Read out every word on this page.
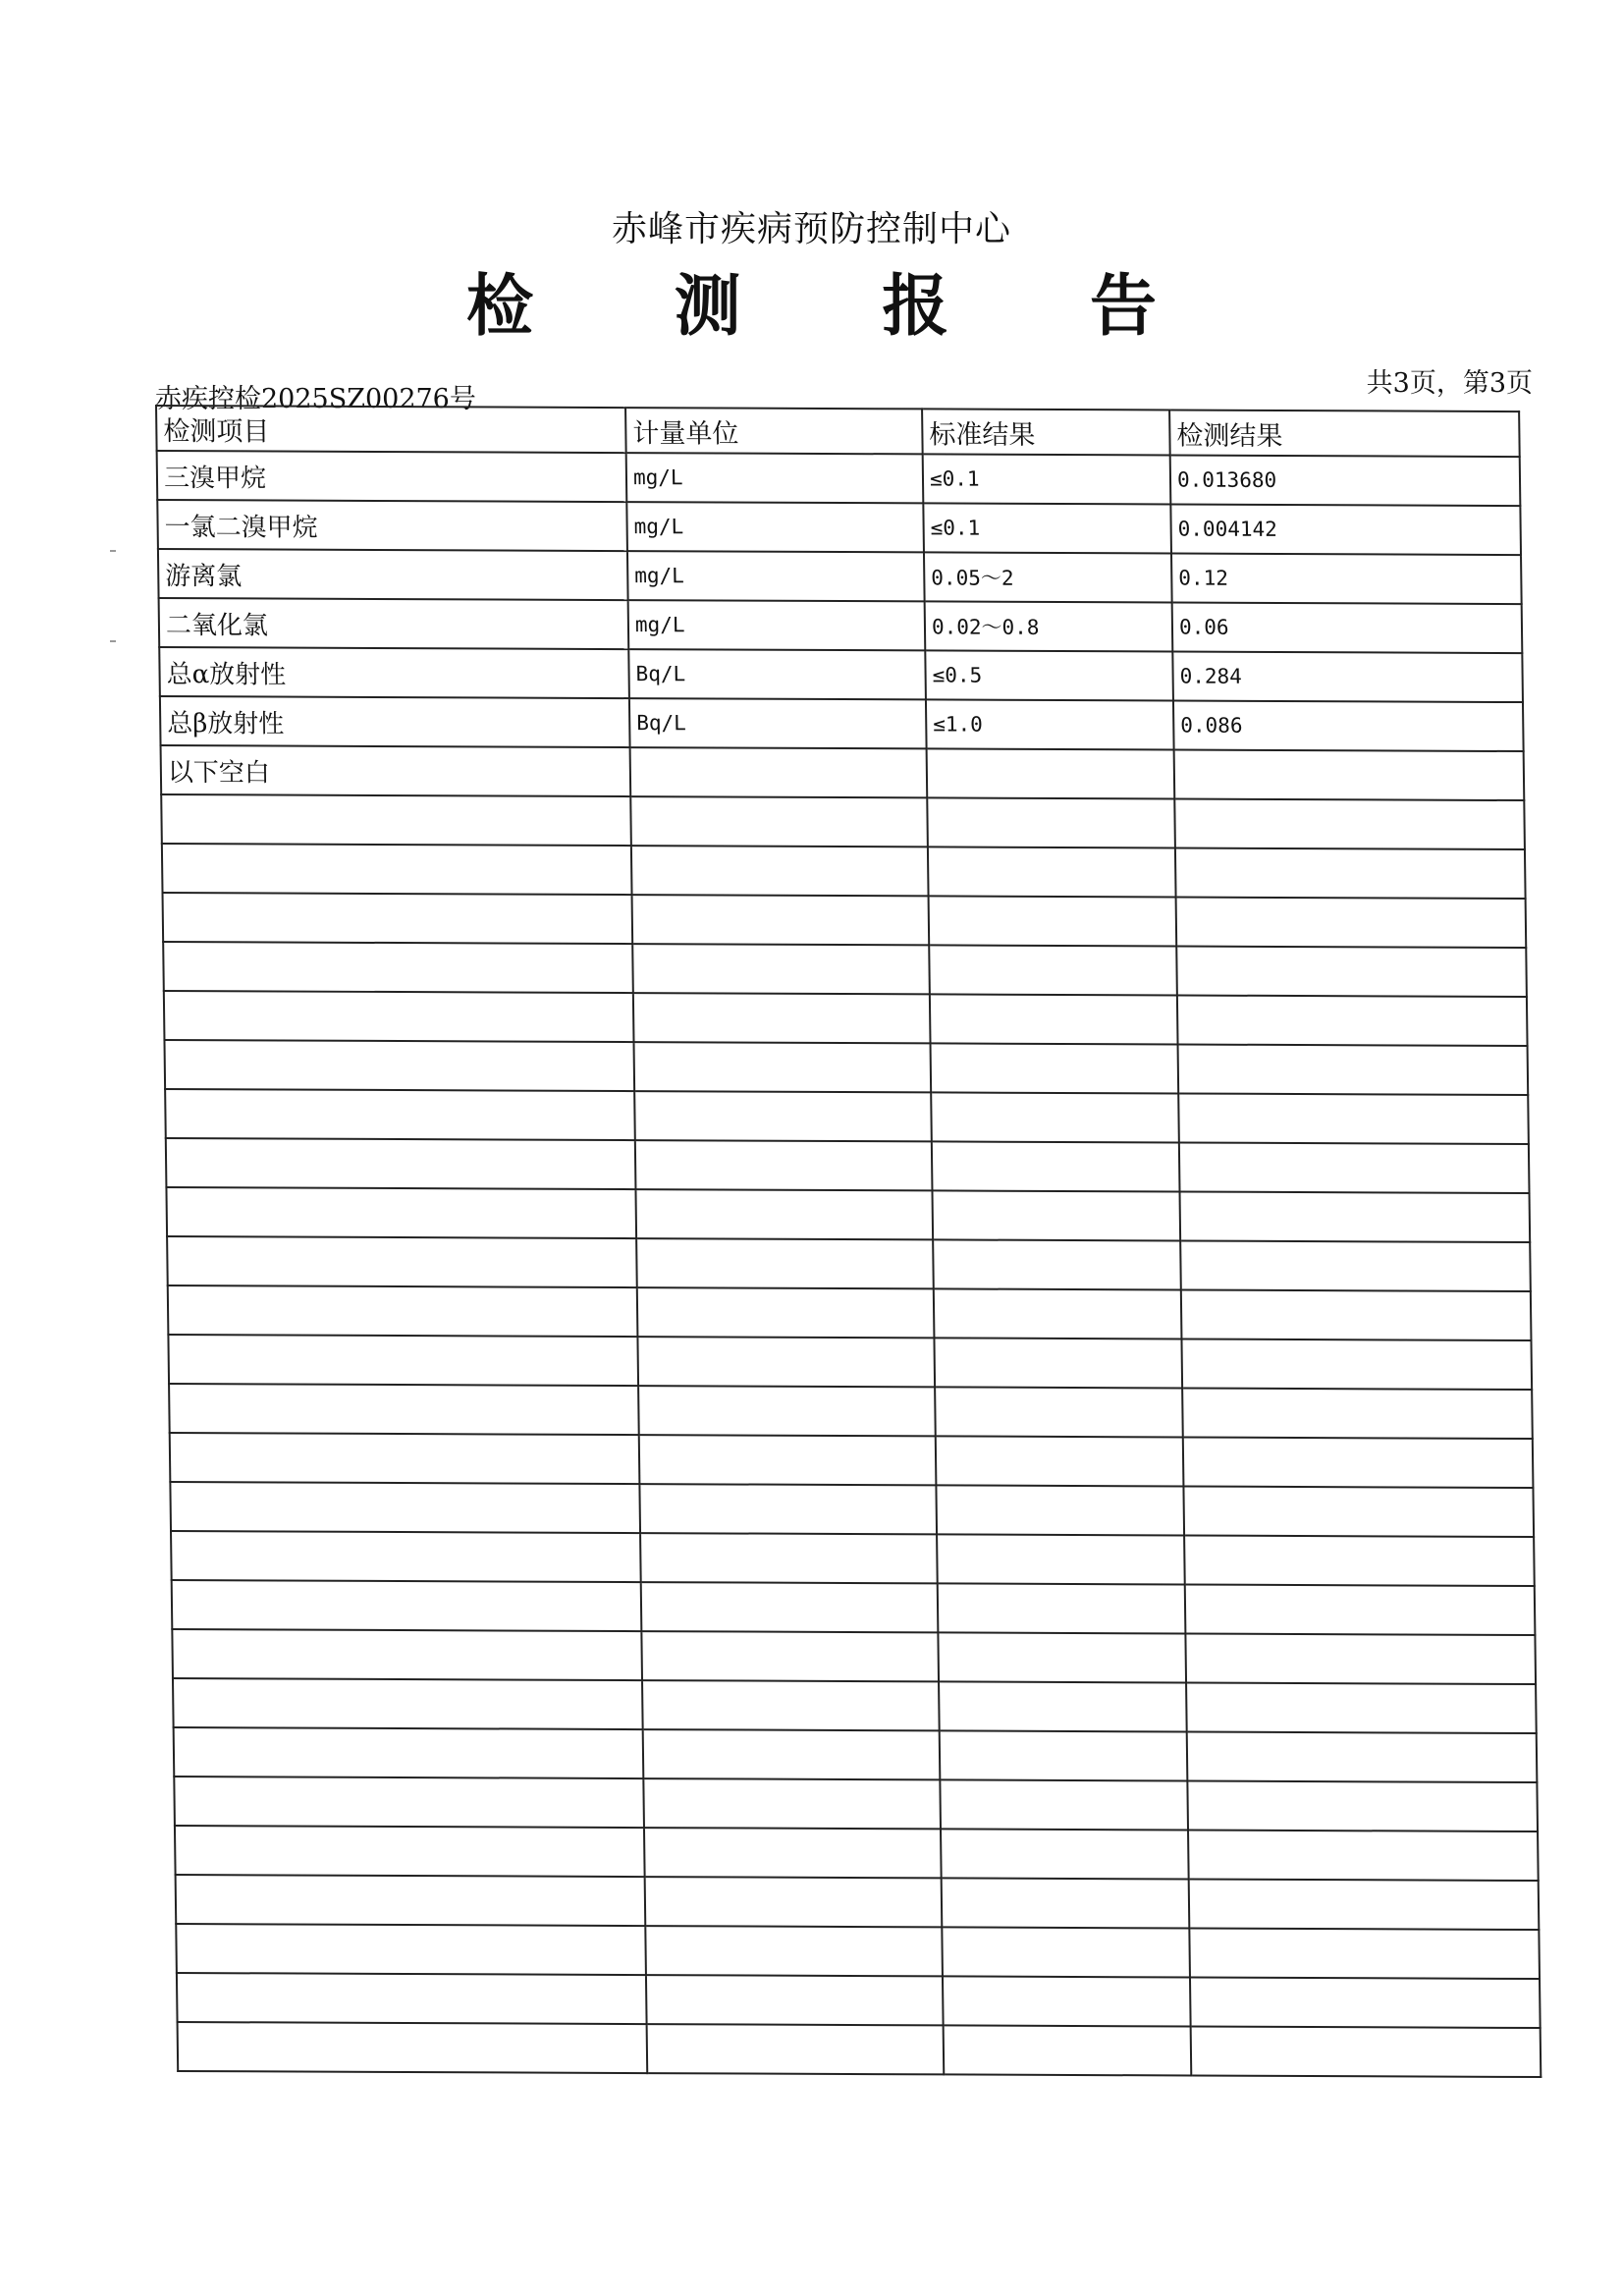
赤峰市疾病预防控制中心
检 测 报 告
赤疾控检2025SZ00276号
共3页，第3页
检测项目	计量单位	标准结果	检测结果
三溴甲烷	mg/L	≤0.1	0.013680
一氯二溴甲烷	mg/L	≤0.1	0.004142
游离氯	mg/L	0.05～2	0.12
二氧化氯	mg/L	0.02～0.8	0.06
总α放射性	Bq/L	≤0.5	0.284
总β放射性	Bq/L	≤1.0	0.086
以下空白			
